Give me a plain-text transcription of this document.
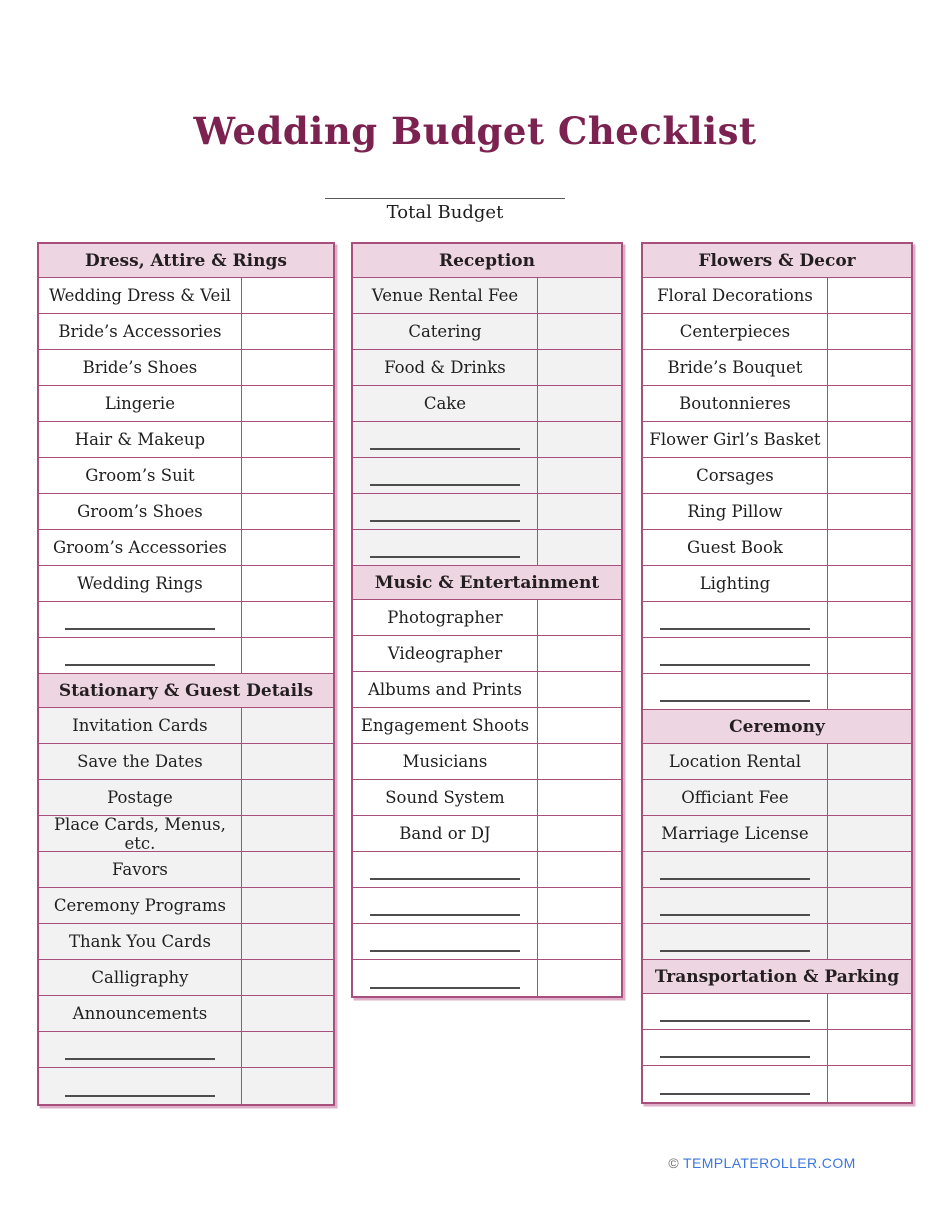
Wedding Budget Checklist
Total Budget
Dress, Attire & Rings
Wedding Dress & Veil
Bride’s Accessories
Bride’s Shoes
Lingerie
Hair & Makeup
Groom’s Suit
Groom’s Shoes
Groom’s Accessories
Wedding Rings
Stationary & Guest Details
Invitation Cards
Save the Dates
Postage
Place Cards, Menus, etc.
Favors
Ceremony Programs
Thank You Cards
Calligraphy
Announcements
Reception
Venue Rental Fee
Catering
Food & Drinks
Cake
Music & Entertainment
Photographer
Videographer
Albums and Prints
Engagement Shoots
Musicians
Sound System
Band or DJ
Flowers & Decor
Floral Decorations
Centerpieces
Bride’s Bouquet
Boutonnieres
Flower Girl’s Basket
Corsages
Ring Pillow
Guest Book
Lighting
Ceremony
Location Rental
Officiant Fee
Marriage License
Transportation & Parking
© TEMPLATEROLLER.COM
